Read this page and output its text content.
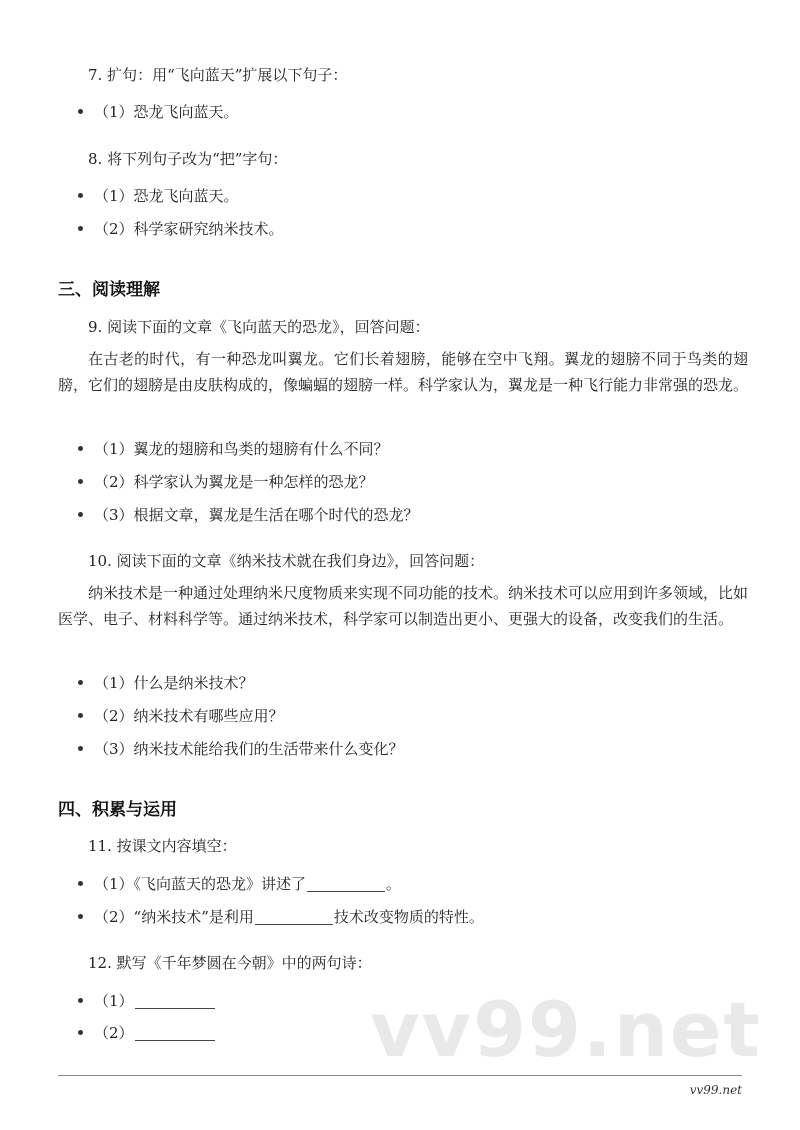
vv99.net
7. 扩句：用“飞向蓝天”扩展以下句子：
（1）恐龙飞向蓝天。
8. 将下列句子改为“把”字句：
（1）恐龙飞向蓝天。
（2）科学家研究纳米技术。
三、阅读理解
9. 阅读下面的文章《飞向蓝天的恐龙》，回答问题：
在古老的时代，有一种恐龙叫翼龙。它们长着翅膀，能够在空中飞翔。翼龙的翅膀不同于鸟类的翅膀，它们的翅膀是由皮肤构成的，像蝙蝠的翅膀一样。科学家认为，翼龙是一种飞行能力非常强的恐龙。
（1）翼龙的翅膀和鸟类的翅膀有什么不同？
（2）科学家认为翼龙是一种怎样的恐龙？
（3）根据文章，翼龙是生活在哪个时代的恐龙？
10. 阅读下面的文章《纳米技术就在我们身边》，回答问题：
纳米技术是一种通过处理纳米尺度物质来实现不同功能的技术。纳米技术可以应用到许多领域，比如医学、电子、材料科学等。通过纳米技术，科学家可以制造出更小、更强大的设备，改变我们的生活。
（1）什么是纳米技术？
（2）纳米技术有哪些应用？
（3）纳米技术能给我们的生活带来什么变化？
四、积累与运用
11. 按课文内容填空：
（1）《飞向蓝天的恐龙》讲述了	。
（2）“纳米技术”是利用	技术改变物质的特性。
12. 默写《千年梦圆在今朝》中的两句诗：
（1）
（2）
vv99.net
